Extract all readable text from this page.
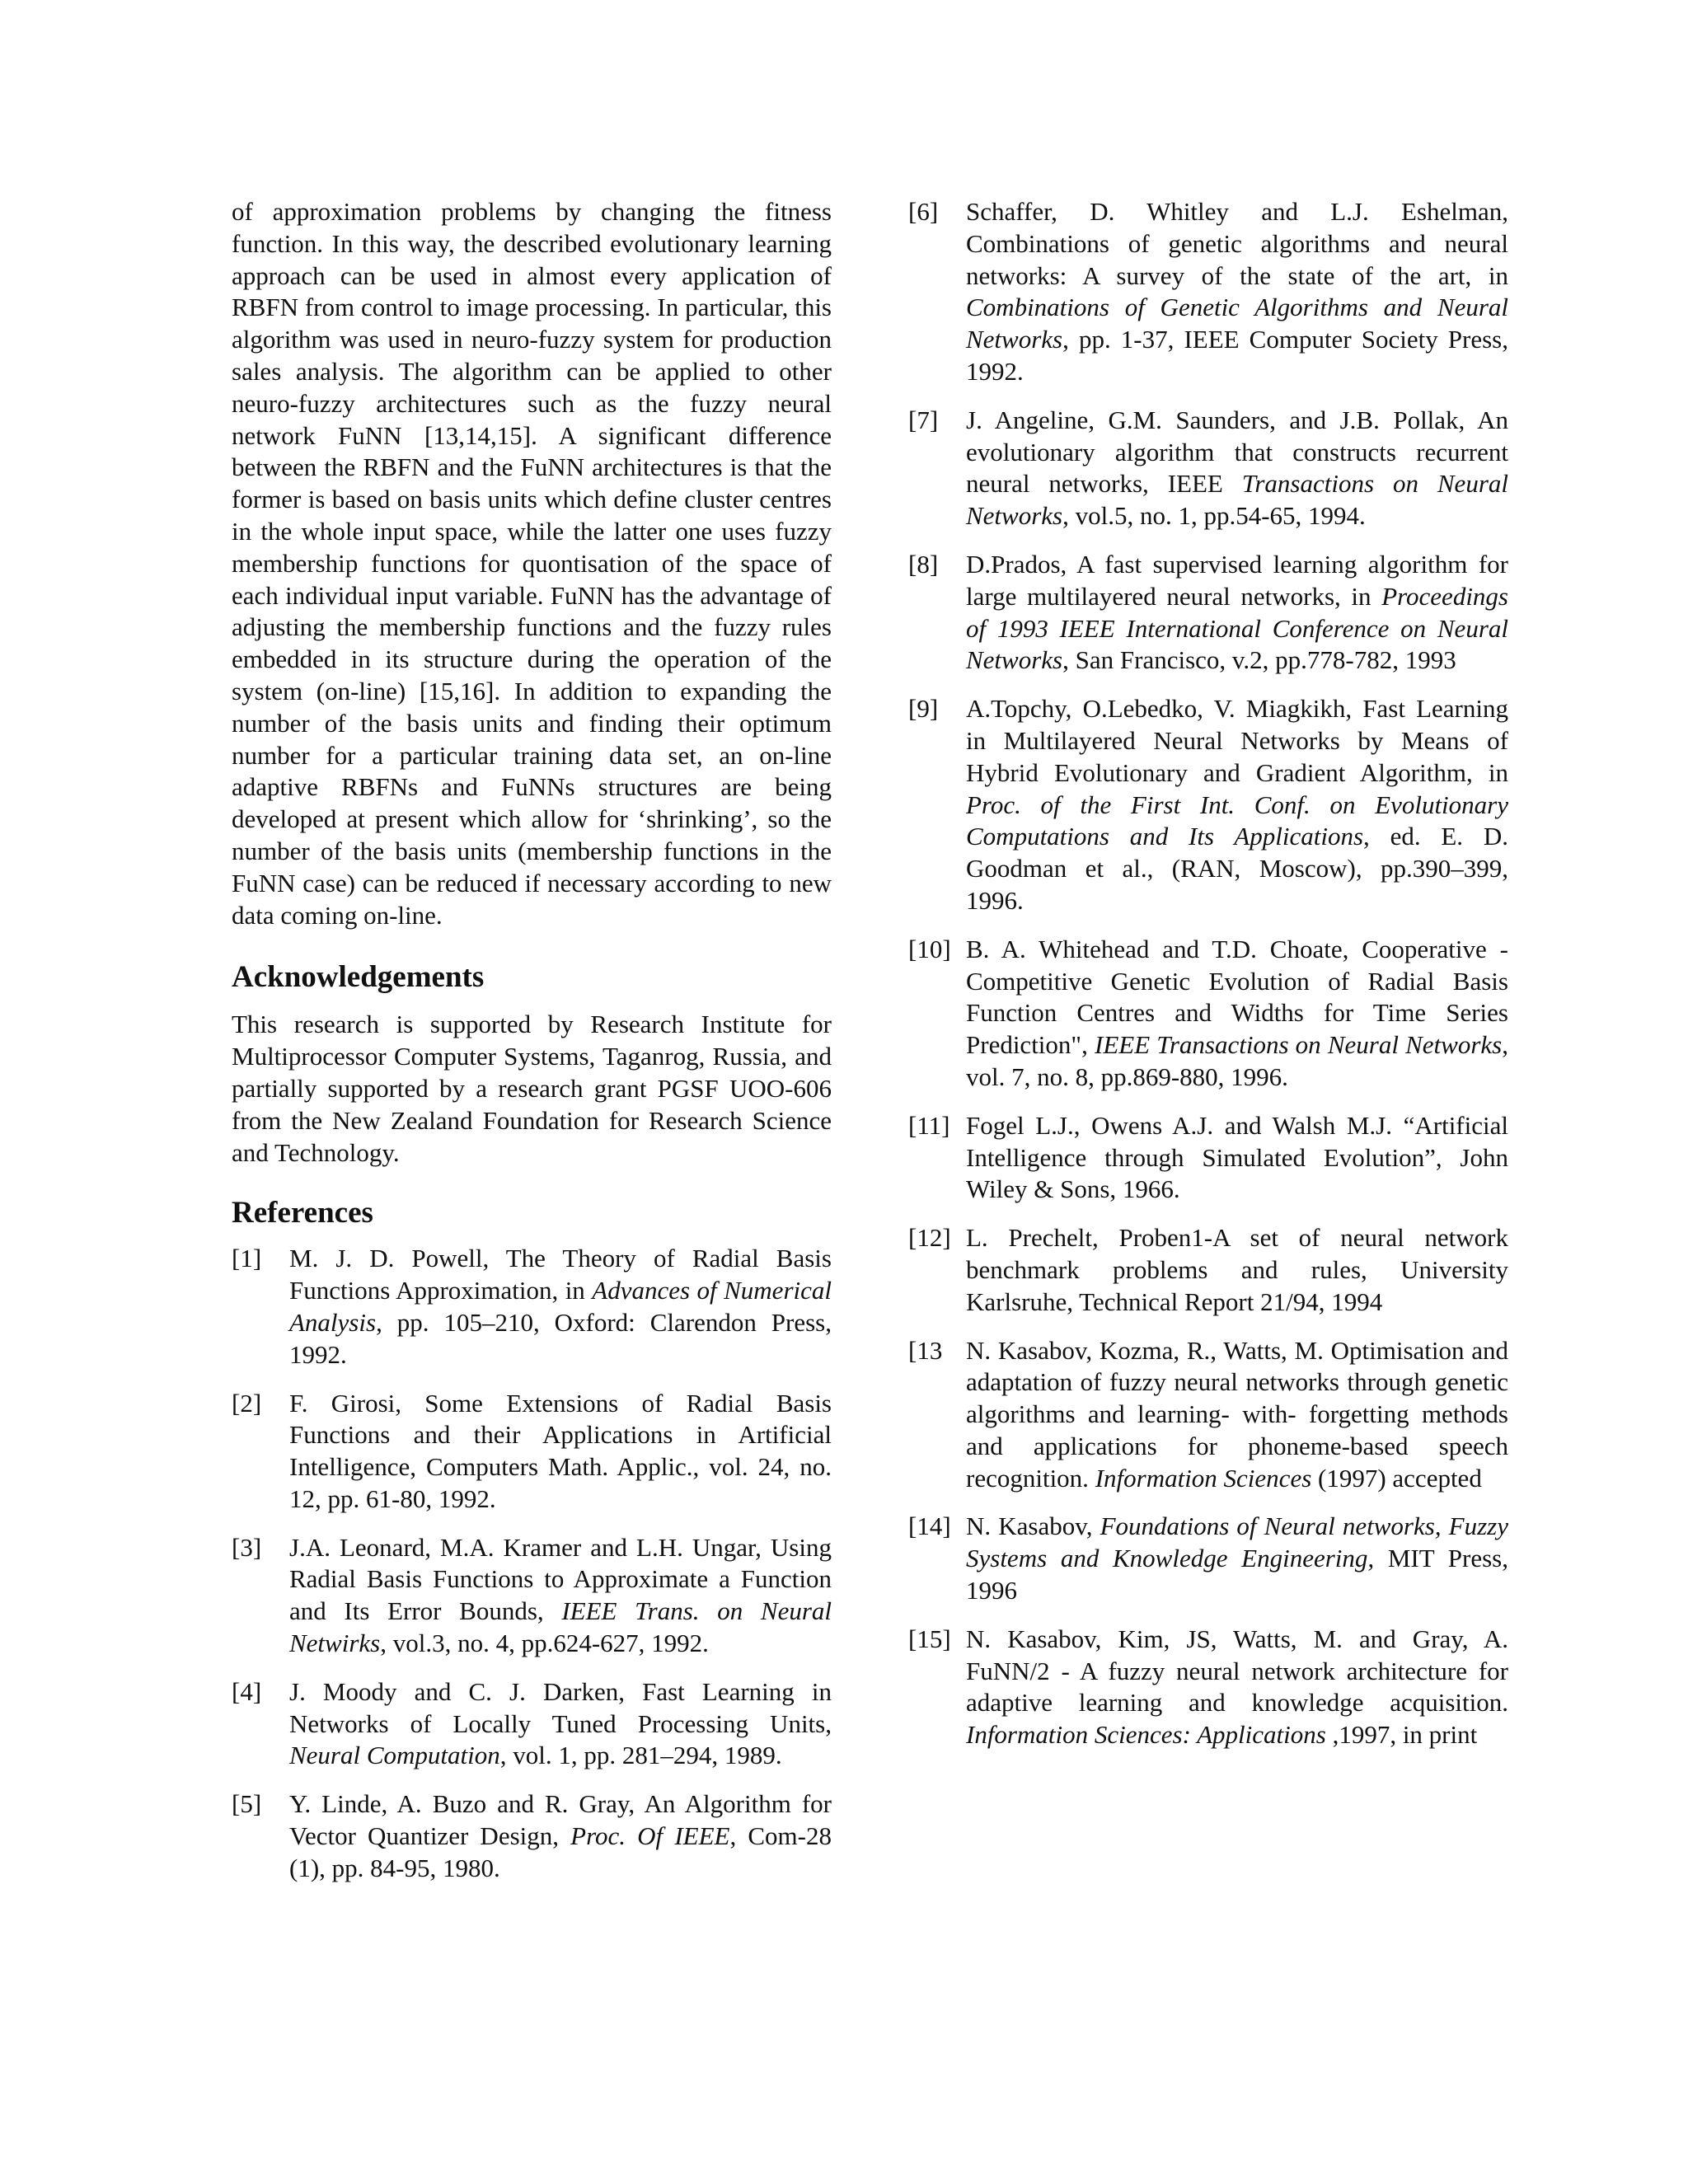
of approximation problems by changing the fitness function. In this way, the described evolutionary learning approach can be used in almost every application of RBFN from control to image processing. In particular, this algorithm was used in neuro-fuzzy system for production sales analysis. The algorithm can be applied to other neuro-fuzzy architectures such as the fuzzy neural network FuNN [13,14,15]. A significant difference between the RBFN and the FuNN architectures is that the former is based on basis units which define cluster centres in the whole input space, while the latter one uses fuzzy membership functions for quontisation of the space of each individual input variable. FuNN has the advantage of adjusting the membership functions and the fuzzy rules embedded in its structure during the operation of the system (on-line) [15,16]. In addition to expanding the number of the basis units and finding their optimum number for a particular training data set, an on-line adaptive RBFNs and FuNNs structures are being developed at present which allow for ‘shrinking’, so the number of the basis units (membership functions in the FuNN case) can be reduced if necessary according to new data coming on-line.

Acknowledgements

This research is supported by Research Institute for Multiprocessor Computer Systems, Taganrog, Russia, and partially supported by a research grant PGSF UOO-606 from the New Zealand Foundation for Research Science and Technology.

References
[1]	M. J. D. Powell, The Theory of Radial Basis Functions Approximation, in Advances of Numerical Analysis, pp. 105–210, Oxford: Clarendon Press, 1992.
[2]	F. Girosi, Some Extensions of Radial Basis Functions and their Applications in Artificial Intelligence, Computers Math. Applic., vol. 24, no. 12, pp. 61-80, 1992.
[3]	J.A. Leonard, M.A. Kramer and L.H. Ungar, Using Radial Basis Functions to Approximate a Function and Its Error Bounds, IEEE Trans. on Neural Netwirks, vol.3, no. 4, pp.624-627, 1992.
[4]	J. Moody and C. J. Darken, Fast Learning in Networks of Locally Tuned Processing Units, Neural Computation, vol. 1, pp. 281–294, 1989.
[5]	Y. Linde, A. Buzo and R. Gray, An Algorithm for Vector Quantizer Design, Proc. Of IEEE, Com-28 (1), pp. 84-95, 1980.
[6]	Schaffer, D. Whitley and L.J. Eshelman, Combinations of genetic algorithms and neural networks: A survey of the state of the art, in Combinations of Genetic Algorithms and Neural Networks, pp. 1-37, IEEE Computer Society Press, 1992.
[7]	J. Angeline, G.M. Saunders, and J.B. Pollak, An evolutionary algorithm that constructs recurrent neural networks, IEEE Transactions on Neural Networks, vol.5, no. 1, pp.54-65, 1994.
[8]	D.Prados, A fast supervised learning algorithm for large multilayered neural networks, in Proceedings of 1993 IEEE International Conference on Neural Networks, San Francisco, v.2, pp.778-782, 1993
[9]	A.Topchy, O.Lebedko, V. Miagkikh, Fast Learning in Multilayered Neural Networks by Means of Hybrid Evolutionary and Gradient Algorithm, in Proc. of the First Int. Conf. on Evolutionary Computations and Its Applications, ed. E. D. Goodman et al., (RAN, Moscow), pp.390–399, 1996.
[10] B. A. Whitehead and T.D. Choate, Cooperative - Competitive Genetic Evolution of Radial Basis Function Centres and Widths for Time Series Prediction", IEEE Transactions on Neural Networks, vol. 7, no. 8, pp.869-880, 1996.
[11] Fogel L.J., Owens A.J. and Walsh M.J. “Artificial Intelligence through Simulated Evolution”, John Wiley & Sons, 1966.
[12] L. Prechelt, Proben1-A set of neural network benchmark problems and rules, University Karlsruhe, Technical Report 21/94, 1994
[13 N. Kasabov, Kozma, R., Watts, M. Optimisation and adaptation of fuzzy neural networks through genetic algorithms and learning- with- forgetting methods and applications for phoneme-based speech recognition. Information Sciences (1997) accepted
[14] N. Kasabov, Foundations of Neural networks, Fuzzy Systems and Knowledge Engineering, MIT Press, 1996
[15] N. Kasabov, Kim, JS, Watts, M. and Gray, A. FuNN/2 - A fuzzy neural network architecture for adaptive learning and knowledge acquisition. Information Sciences: Applications ,1997, in print
